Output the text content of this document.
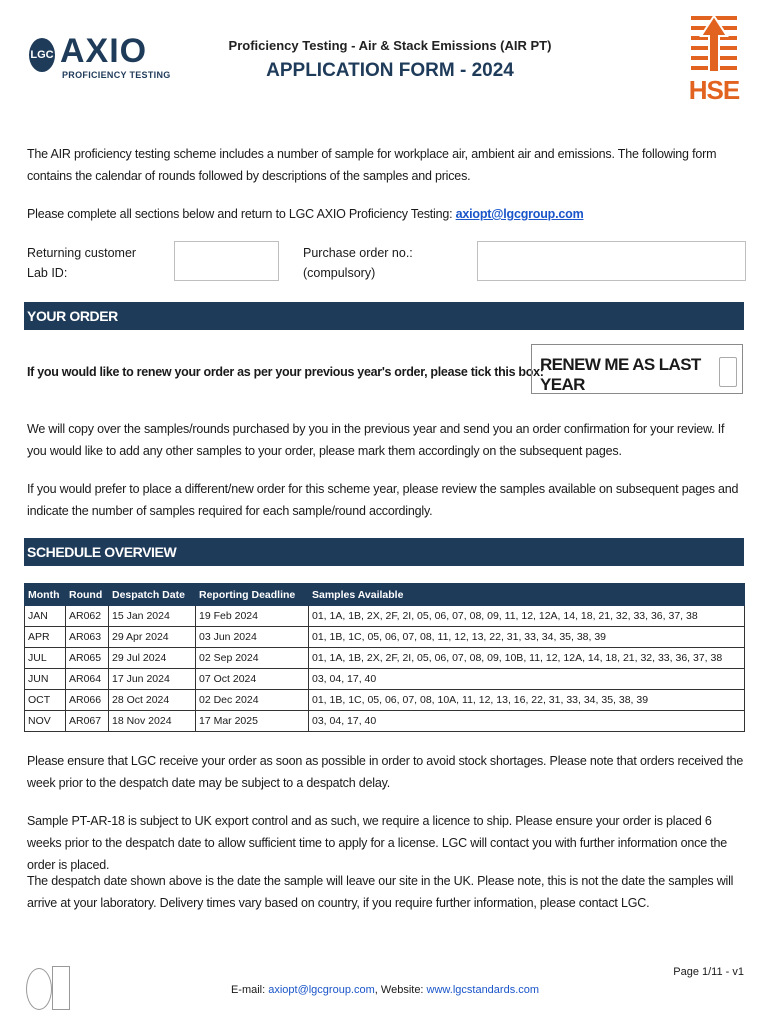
LGC AXIO
PROFICIENCY TESTING
Proficiency Testing - Air & Stack Emissions (AIR PT)
APPLICATION FORM - 2024
HSE
The AIR proficiency testing scheme includes a number of sample for workplace air, ambient air and emissions. The following form contains the calendar of rounds followed by descriptions of the samples and prices.
Please complete all sections below and return to LGC AXIO Proficiency Testing: axiopt@lgcgroup.com
Returning customer Lab ID:
Purchase order no.: (compulsory)
YOUR ORDER
If you would like to renew your order as per your previous year's order, please tick this box:
RENEW ME AS LAST YEAR
We will copy over the samples/rounds purchased by you in the previous year and send you an order confirmation for your review. If you would like to add any other samples to your order, please mark them accordingly on the subsequent pages.
If you would prefer to place a different/new order for this scheme year, please review the samples available on subsequent pages and indicate the number of samples required for each sample/round accordingly.
SCHEDULE OVERVIEW
Month	Round	Despatch Date	Reporting Deadline	Samples Available
JAN	AR062	15 Jan 2024	19 Feb 2024	01, 1A, 1B, 2X, 2F, 2I, 05, 06, 07, 08, 09, 11, 12, 12A, 14, 18, 21, 32, 33, 36, 37, 38
APR	AR063	29 Apr 2024	03 Jun 2024	01, 1B, 1C, 05, 06, 07, 08, 11, 12, 13, 22, 31, 33, 34, 35, 38, 39
JUL	AR065	29 Jul 2024	02 Sep 2024	01, 1A, 1B, 2X, 2F, 2I, 05, 06, 07, 08, 09, 10B, 11, 12, 12A, 14, 18, 21, 32, 33, 36, 37, 38
JUN	AR064	17 Jun 2024	07 Oct 2024	03, 04, 17, 40
OCT	AR066	28 Oct 2024	02 Dec 2024	01, 1B, 1C, 05, 06, 07, 08, 10A, 11, 12, 13, 16, 22, 31, 33, 34, 35, 38, 39
NOV	AR067	18 Nov 2024	17 Mar 2025	03, 04, 17, 40
Please ensure that LGC receive your order as soon as possible in order to avoid stock shortages. Please note that orders received the week prior to the despatch date may be subject to a despatch delay.
Sample PT-AR-18 is subject to UK export control and as such, we require a licence to ship. Please ensure your order is placed 6 weeks prior to the despatch date to allow sufficient time to apply for a license. LGC will contact you with further information once the order is placed.
The despatch date shown above is the date the sample will leave our site in the UK. Please note, this is not the date the samples will arrive at your laboratory. Delivery times vary based on country, if you require further information, please contact LGC.
Page 1/11 - v1
E-mail: axiopt@lgcgroup.com, Website: www.lgcstandards.com
